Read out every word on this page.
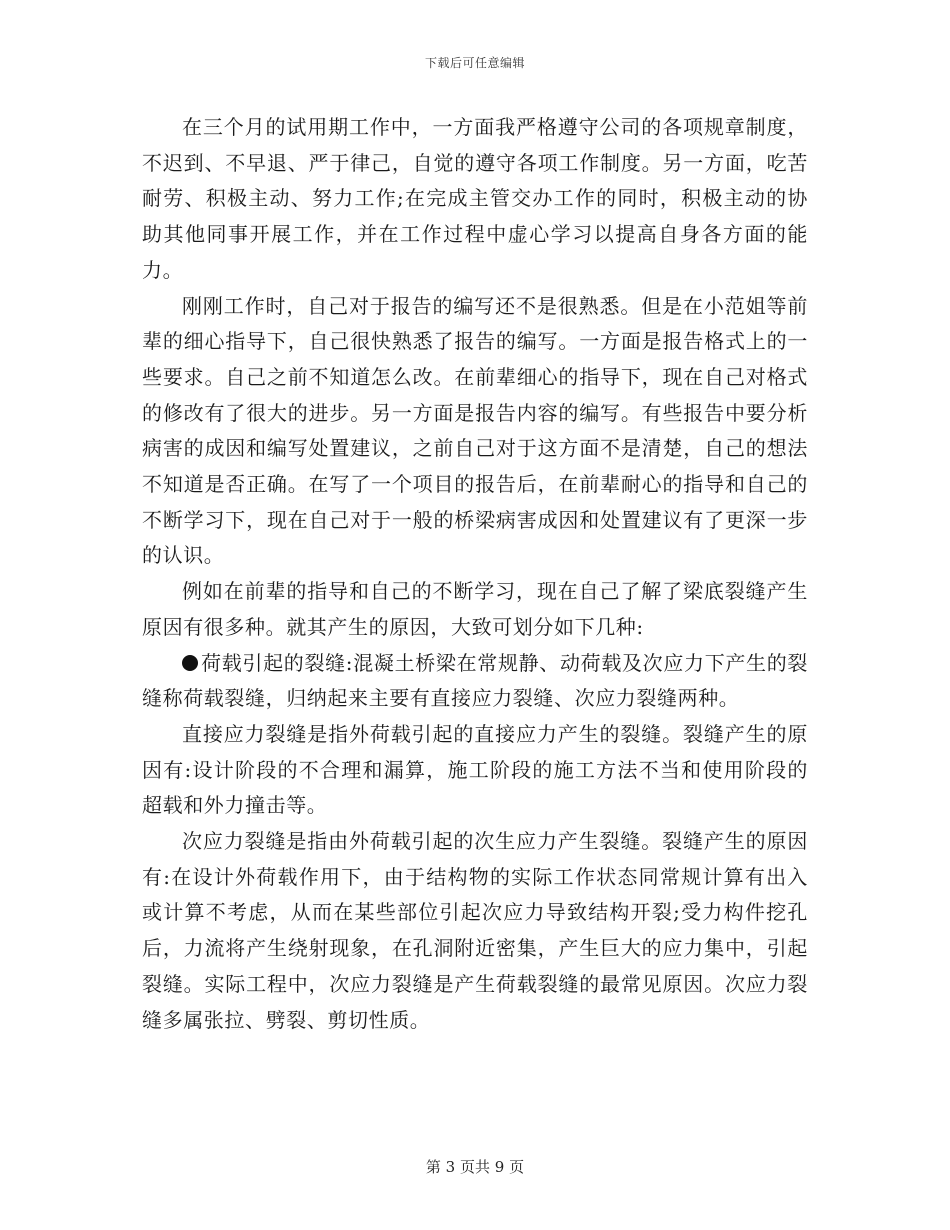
下载后可任意编辑

在三个月的试用期工作中，一方面我严格遵守公司的各项规章制度，不迟到、不早退、严于律己，自觉的遵守各项工作制度。另一方面，吃苦耐劳、积极主动、努力工作;在完成主管交办工作的同时，积极主动的协助其他同事开展工作，并在工作过程中虚心学习以提高自身各方面的能力。

刚刚工作时，自己对于报告的编写还不是很熟悉。但是在小范姐等前辈的细心指导下，自己很快熟悉了报告的编写。一方面是报告格式上的一些要求。自己之前不知道怎么改。在前辈细心的指导下，现在自己对格式的修改有了很大的进步。另一方面是报告内容的编写。有些报告中要分析病害的成因和编写处置建议，之前自己对于这方面不是清楚，自己的想法不知道是否正确。在写了一个项目的报告后，在前辈耐心的指导和自己的不断学习下，现在自己对于一般的桥梁病害成因和处置建议有了更深一步的认识。

例如在前辈的指导和自己的不断学习，现在自己了解了梁底裂缝产生原因有很多种。就其产生的原因，大致可划分如下几种:

荷载引起的裂缝:混凝土桥梁在常规静、动荷载及次应力下产生的裂缝称荷载裂缝，归纳起来主要有直接应力裂缝、次应力裂缝两种。

直接应力裂缝是指外荷载引起的直接应力产生的裂缝。裂缝产生的原因有:设计阶段的不合理和漏算，施工阶段的施工方法不当和使用阶段的超载和外力撞击等。

次应力裂缝是指由外荷载引起的次生应力产生裂缝。裂缝产生的原因有:在设计外荷载作用下，由于结构物的实际工作状态同常规计算有出入或计算不考虑，从而在某些部位引起次应力导致结构开裂;受力构件挖孔后，力流将产生绕射现象，在孔洞附近密集，产生巨大的应力集中，引起裂缝。实际工程中，次应力裂缝是产生荷载裂缝的最常见原因。次应力裂缝多属张拉、劈裂、剪切性质。

第 3 页共 9 页
